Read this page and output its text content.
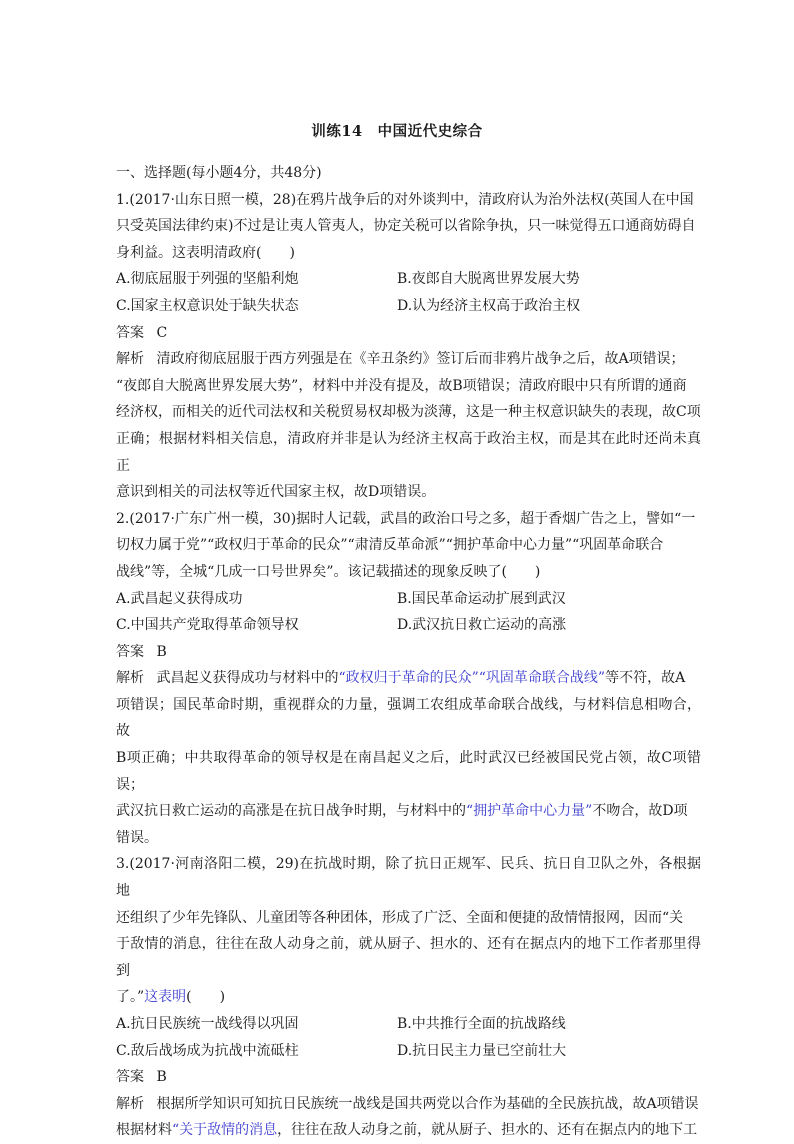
训练14　中国近代史综合
一、选择题(每小题4分，共48分)
1.(2017·山东日照一模，28)在鸦片战争后的对外谈判中，清政府认为治外法权(英国人在中国
只受英国法律约束)不过是让夷人管夷人，协定关税可以省除争执，只一味觉得五口通商妨碍自
身利益。这表明清政府(　　)
A.彻底屈服于列强的坚船利炮	B.夜郎自大脱离世界发展大势
C.国家主权意识处于缺失状态	D.认为经济主权高于政治主权
答案 C
解析 清政府彻底屈服于西方列强是在《辛丑条约》签订后而非鸦片战争之后，故A项错误；
“夜郎自大脱离世界发展大势”，材料中并没有提及，故B项错误；清政府眼中只有所谓的通商
经济权，而相关的近代司法权和关税贸易权却极为淡薄，这是一种主权意识缺失的表现，故C项
正确；根据材料相关信息，清政府并非是认为经济主权高于政治主权，而是其在此时还尚未真正
意识到相关的司法权等近代国家主权，故D项错误。
2.(2017·广东广州一模，30)据时人记载，武昌的政治口号之多，超于香烟广告之上，譬如“一
切权力属于党”“政权归于革命的民众”“肃清反革命派”“拥护革命中心力量”“巩固革命联合
战线”等，全城“几成一口号世界矣”。该记载描述的现象反映了(　　)
A.武昌起义获得成功	B.国民革命运动扩展到武汉
C.中国共产党取得革命领导权	D.武汉抗日救亡运动的高涨
答案 B
解析 武昌起义获得成功与材料中的“政权归于革命的民众”“巩固革命联合战线”等不符，故A
项错误；国民革命时期，重视群众的力量，强调工农组成革命联合战线，与材料信息相吻合，故
B项正确；中共取得革命的领导权是在南昌起义之后，此时武汉已经被国民党占领，故C项错误；
武汉抗日救亡运动的高涨是在抗日战争时期，与材料中的“拥护革命中心力量”不吻合，故D项
错误。
3.(2017·河南洛阳二模，29)在抗战时期，除了抗日正规军、民兵、抗日自卫队之外，各根据地
还组织了少年先锋队、儿童团等各种团体，形成了广泛、全面和便捷的敌情情报网，因而“关
于敌情的消息，往往在敌人动身之前，就从厨子、担水的、还有在据点内的地下工作者那里得到
了。”这表明(　　)
A.抗日民族统一战线得以巩固	B.中共推行全面的抗战路线
C.敌后战场成为抗战中流砥柱	D.抗日民主力量已空前壮大
答案 B
解析 根据所学知识可知抗日民族统一战线是国共两党以合作为基础的全民族抗战，故A项错误
根据材料“关于敌情的消息，往往在敌人动身之前，就从厨子、担水的、还有在据点内的地下工
